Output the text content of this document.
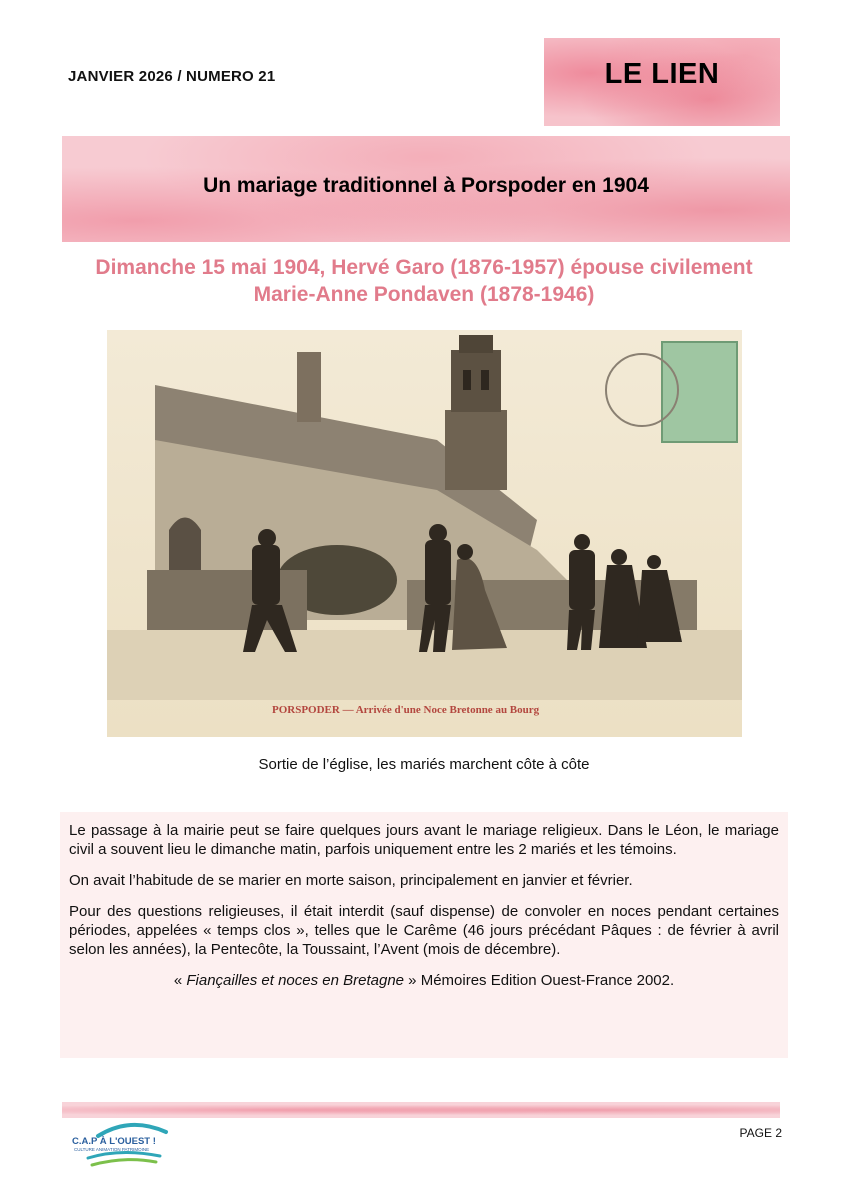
JANVIER 2026 / NUMERO 21	LE LIEN
Un mariage traditionnel à Porspoder en 1904
Dimanche 15 mai 1904, Hervé Garo (1876-1957) épouse civilement
Marie-Anne Pondaven (1878-1946)
PORSPODER — Arrivée d'une Noce Bretonne au Bourg
Sortie de l’église, les mariés marchent côte à côte

Le passage à la mairie peut se faire quelques jours avant le mariage religieux. Dans le Léon, le mariage civil a souvent lieu le dimanche matin, parfois uniquement entre les 2 mariés et les témoins.

On avait l’habitude de se marier en morte saison, principalement en janvier et février.

Pour des questions religieuses, il était interdit (sauf dispense) de convoler en noces pendant certaines périodes, appelées « temps clos », telles que le Carême (46 jours précédant Pâques : de février à avril selon les années), la Pentecôte, la Toussaint, l’Avent (mois de décembre).

« Fiançailles et noces en Bretagne » Mémoires Edition Ouest-France 2002.

C.A.P À L'OUEST !
CULTURE ANIMATION PATRIMOINE
PAGE 2
